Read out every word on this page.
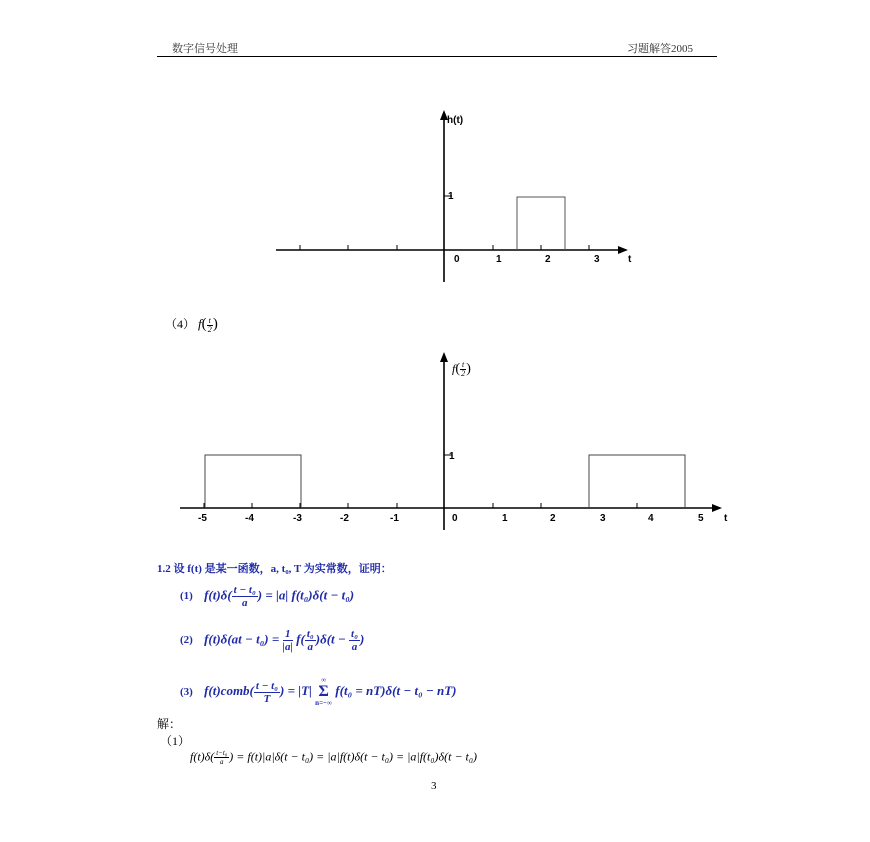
数字信号处理	习题解答2005
h(t)
1
0	1	2	3	t
1
-5	-4	-3	-2	-1	0	1	2	3	4	5 t
（4） $f( \frac{t}{2}$ )
$f( \frac{t}{2}$ )
1.2 设 f(t) 是某一函数，a, t₀, T 为实常数，证明：
(1) $f(t)\delta( \frac{\text{t − t₀}}{a}$ ) = |a| f(t₀)δ(t − t₀)
(2) $f(t)\delta(at - t_0) = \frac{1}{|a|} f( \frac{\text{t₀}}{a} )\delta(t - \frac{\text{t₀}}{a}$ )
(3) f(t)comb( $\frac{\text{t − t₀}}{T}$ ) = |T|
∞
Σ
n=−∞
f(t₀ = nT)δ(t − t₀ − nT)
解：
（1）
$f(t)\delta( \frac{\text{t−t₀}}{a}$ ) = f(t)|a|δ(t − t₀) = |a|f(t)δ(t − t₀) = |a|f(t₀)δ(t − t₀)
3
